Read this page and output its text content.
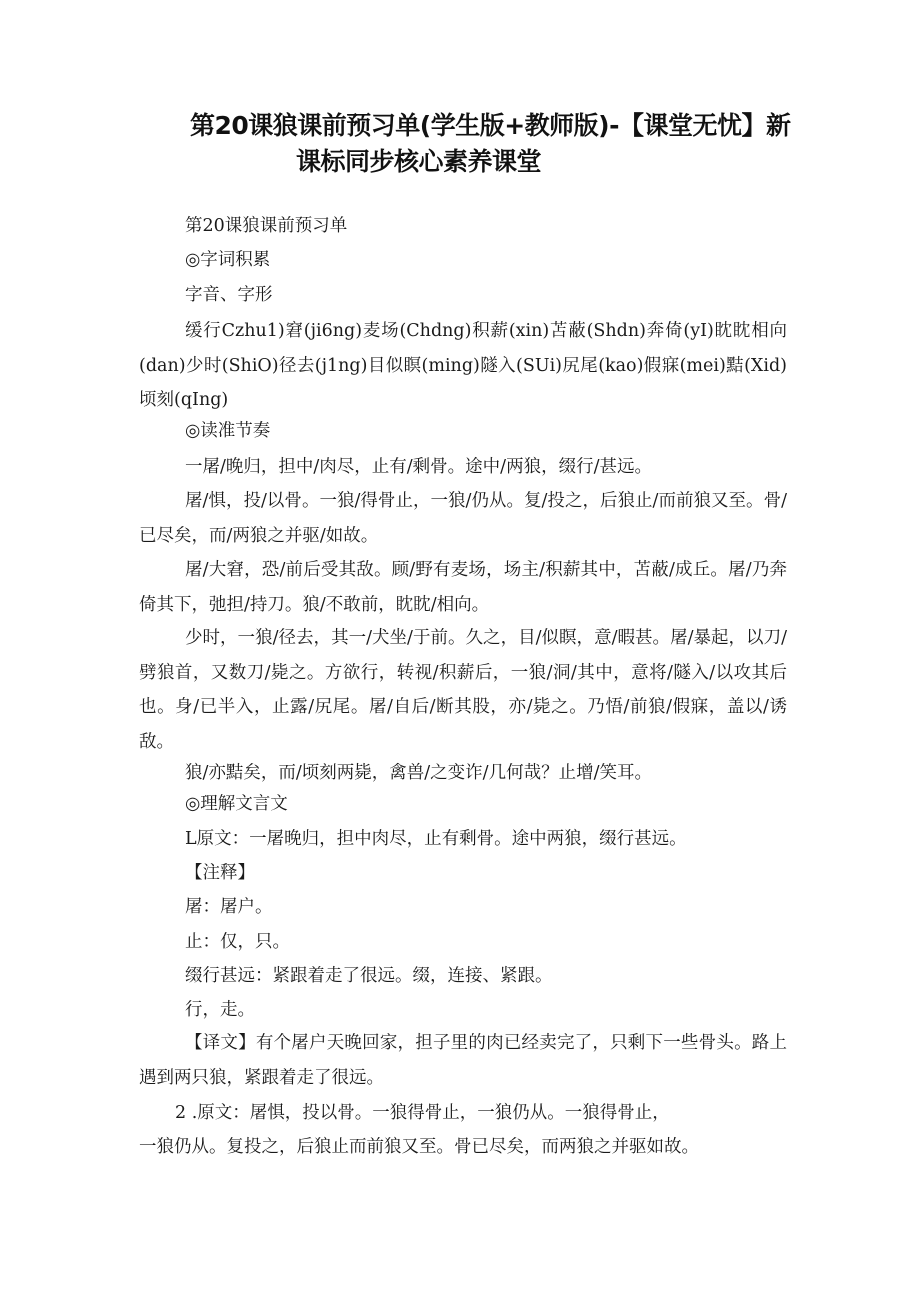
第20课狼课前预习单(学生版+教师版)-【课堂无忧】新
课标同步核心素养课堂
第20课狼课前预习单
◎字词积累
字音、字形
缓行Czhu1)窘(ji6ng)麦场(Chdng)积薪(xin)苫蔽(Shdn)奔倚(yI)眈眈相向(dan)少时(ShiO)径去(j1ng)目似瞑(ming)隧入(SUi)尻尾(kao)假寐(mei)黠(Xid)顷刻(qIng)
◎读准节奏
一屠/晚归，担中/肉尽，止有/剩骨。途中/两狼，缀行/甚远。
屠/惧，投/以骨。一狼/得骨止，一狼/仍从。复/投之，后狼止/而前狼又至。骨/已尽矣，而/两狼之并驱/如故。
屠/大窘，恐/前后受其敌。顾/野有麦场，场主/积薪其中，苫蔽/成丘。屠/乃奔倚其下，弛担/持刀。狼/不敢前，眈眈/相向。
少时，一狼/径去，其一/犬坐/于前。久之，目/似瞑，意/暇甚。屠/暴起，以刀/劈狼首，又数刀/毙之。方欲行，转视/积薪后，一狼/洞/其中，意将/隧入/以攻其后也。身/已半入，止露/尻尾。屠/自后/断其股，亦/毙之。乃悟/前狼/假寐，盖以/诱敌。
狼/亦黠矣，而/顷刻两毙，禽兽/之变诈/几何哉？止增/笑耳。
◎理解文言文
L原文：一屠晚归，担中肉尽，止有剩骨。途中两狼，缀行甚远。
【注释】
屠：屠户。
止：仅，只。
缀行甚远：紧跟着走了很远。缀，连接、紧跟。
行，走。
【译文】有个屠户天晚回家，担子里的肉已经卖完了，只剩下一些骨头。路上遇到两只狼，紧跟着走了很远。
2 .原文：屠惧，投以骨。一狼得骨止，一狼仍从。一狼得骨止，
一狼仍从。复投之，后狼止而前狼又至。骨已尽矣，而两狼之并驱如故。
